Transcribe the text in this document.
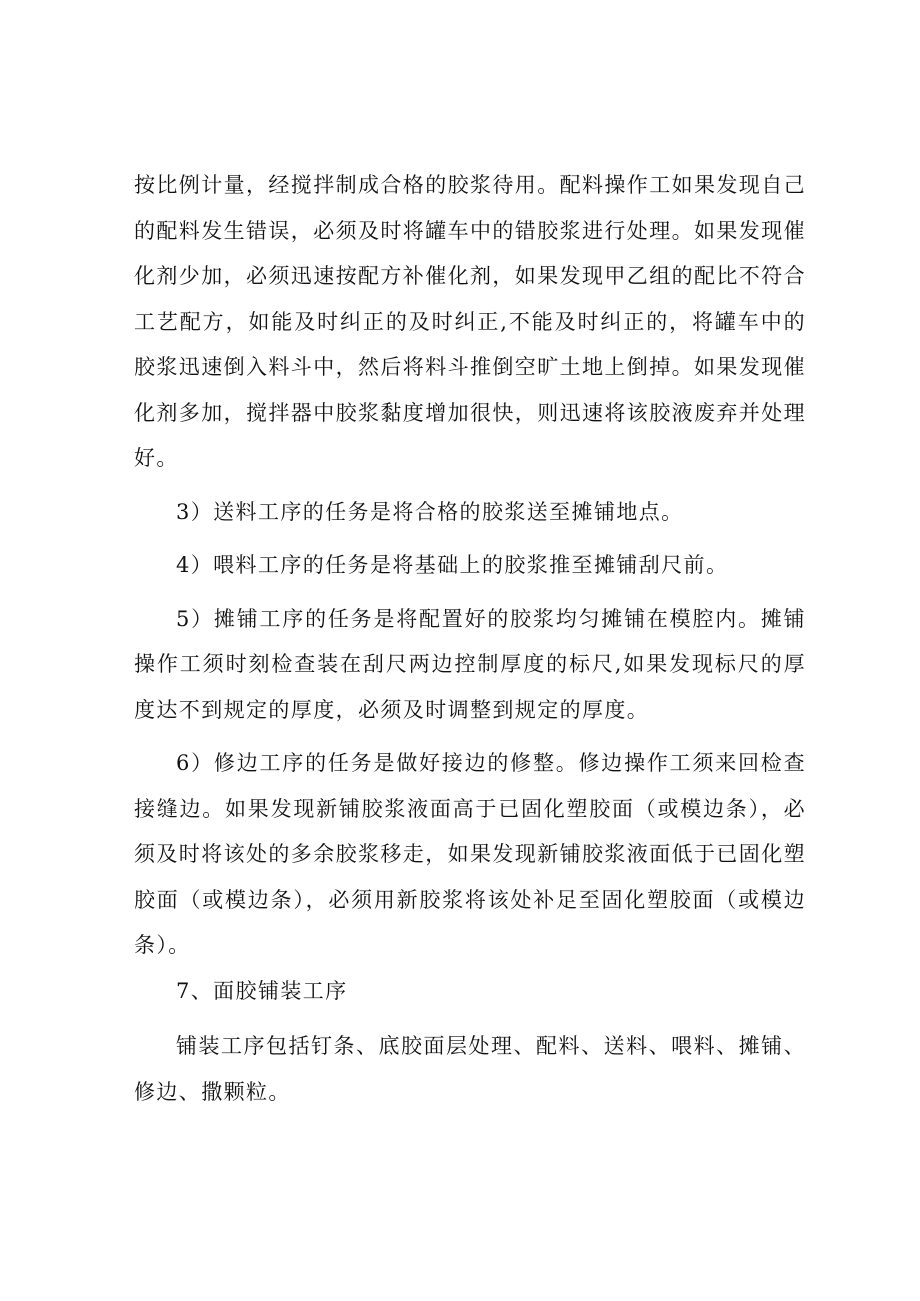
按比例计量，经搅拌制成合格的胶浆待用。配料操作工如果发现自己的配料发生错误，必须及时将罐车中的错胶浆进行处理。如果发现催化剂少加，必须迅速按配方补催化剂，如果发现甲乙组的配比不符合工艺配方，如能及时纠正的及时纠正,不能及时纠正的，将罐车中的胶浆迅速倒入料斗中，然后将料斗推倒空旷土地上倒掉。如果发现催化剂多加，搅拌器中胶浆黏度增加很快，则迅速将该胶液废弃并处理好。

3）送料工序的任务是将合格的胶浆送至摊铺地点。

4）喂料工序的任务是将基础上的胶浆推至摊铺刮尺前。

5）摊铺工序的任务是将配置好的胶浆均匀摊铺在模腔内。摊铺操作工须时刻检查装在刮尺两边控制厚度的标尺,如果发现标尺的厚度达不到规定的厚度，必须及时调整到规定的厚度。

6）修边工序的任务是做好接边的修整。修边操作工须来回检查接缝边。如果发现新铺胶浆液面高于已固化塑胶面（或模边条），必须及时将该处的多余胶浆移走，如果发现新铺胶浆液面低于已固化塑胶面（或模边条），必须用新胶浆将该处补足至固化塑胶面（或模边条）。

7、面胶铺装工序

铺装工序包括钉条、底胶面层处理、配料、送料、喂料、摊铺、修边、撒颗粒。
